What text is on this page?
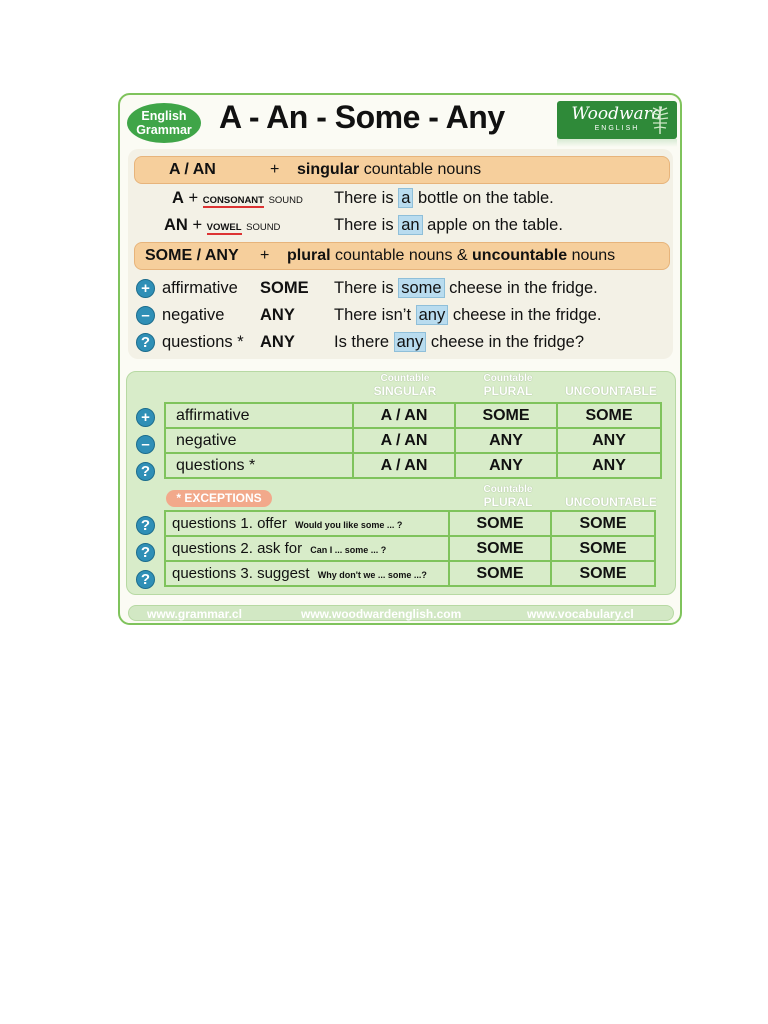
English
Grammar A - An - Some - Any	Woodward
ENGLISH
A / AN	+ singular countable nouns
A + CONSONANT SOUND There is a bottle on the table.
AN + VOWEL SOUND	There is an apple on the table.
SOME / ANY + plural countable nouns & uncountable nouns
+ affirmative SOME There is some cheese in the fridge.
– negative ANY There isn’t any cheese in the fridge.
? questions * ANY Is there any cheese in the fridge?
Countable
SINGULAR
Countable
PLURAL
	UNCOUNTABLE
+
–
?
affirmative	A / AN	SOME	SOME
negative	A / AN	ANY	ANY
questions *	A / AN	ANY	ANY
* EXCEPTIONS
Countable
PLURAL
	UNCOUNTABLE
?
?
?
questions 1. offer Would you like some ... ?	SOME	SOME
questions 2. ask for Can I ... some ... ?	SOME	SOME
questions 3. suggest Why don't we ... some ...?	SOME	SOME
www.grammar.cl	www.woodwardenglish.com	www.vocabulary.cl
